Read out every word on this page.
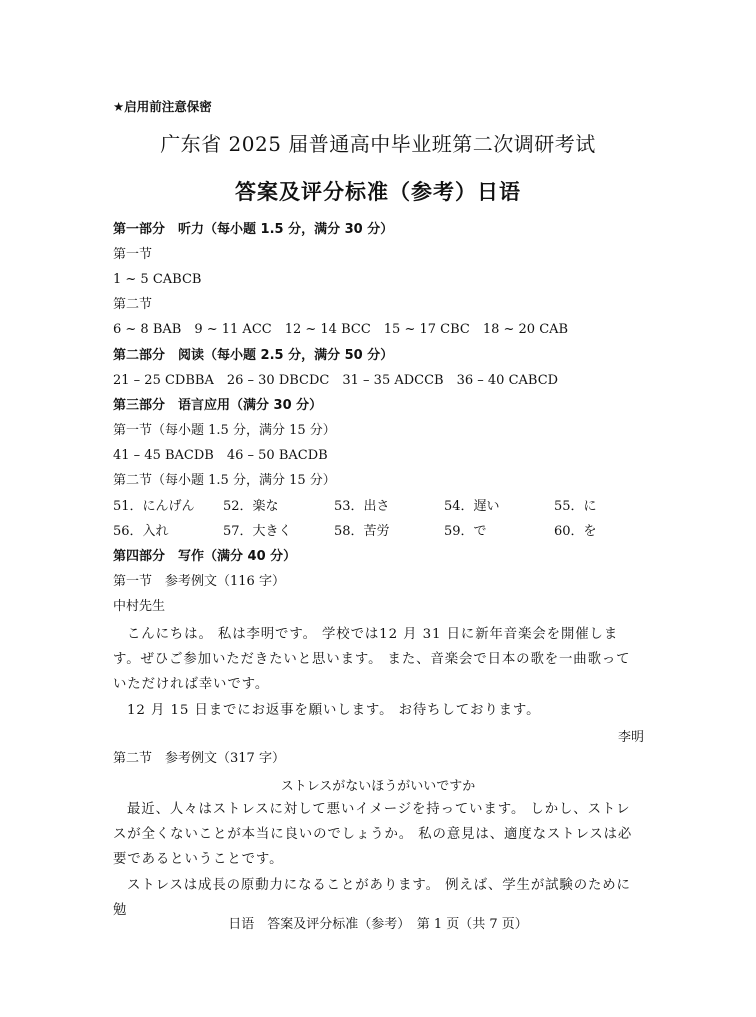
★启用前注意保密
广东省 2025 届普通高中毕业班第二次调研考试
答案及评分标准（参考）日语
第一部分　听力（每小题 1.5 分，满分 30 分）
第一节
1 ~ 5 CABCB
第二节
6 ~ 8 BAB　9 ~ 11 ACC　12 ~ 14 BCC　15 ~ 17 CBC　18 ~ 20 CAB
第二部分　阅读（每小题 2.5 分，满分 50 分）
21 – 25 CDBBA　26 – 30 DBCDC　31 – 35 ADCCB　36 – 40 CABCD
第三部分　语言应用（满分 30 分）
第一节（每小题 1.5 分，满分 15 分）
41 – 45 BACDB　46 – 50 BACDB
第二节（每小题 1.5 分，满分 15 分）
51．にんげん 52．楽な	53．出さ	54．遅い	55．に
56．入れ	57．大きく	58．苦労	59．で	60．を
第四部分　写作（满分 40 分）
第一节　参考例文（116 字）
中村先生
こんにちは。 私は李明です。 学校では12 月 31 日に新年音楽会を開催します。ぜひご参加いただきたいと思います。 また、音楽会で日本の歌を一曲歌っていただければ幸いです。
12 月 15 日までにお返事を願いします。 お待ちしております。
李明
第二节　参考例文（317 字）
ストレスがないほうがいいですか
最近、人々はストレスに対して悪いイメージを持っています。 しかし、ストレスが全くないことが本当に良いのでしょうか。 私の意見は、適度なストレスは必要であるということです。
ストレスは成長の原動力になることがあります。 例えば、学生が試験のために勉
日语　答案及评分标准（参考）　第 1 页（共 7 页）
